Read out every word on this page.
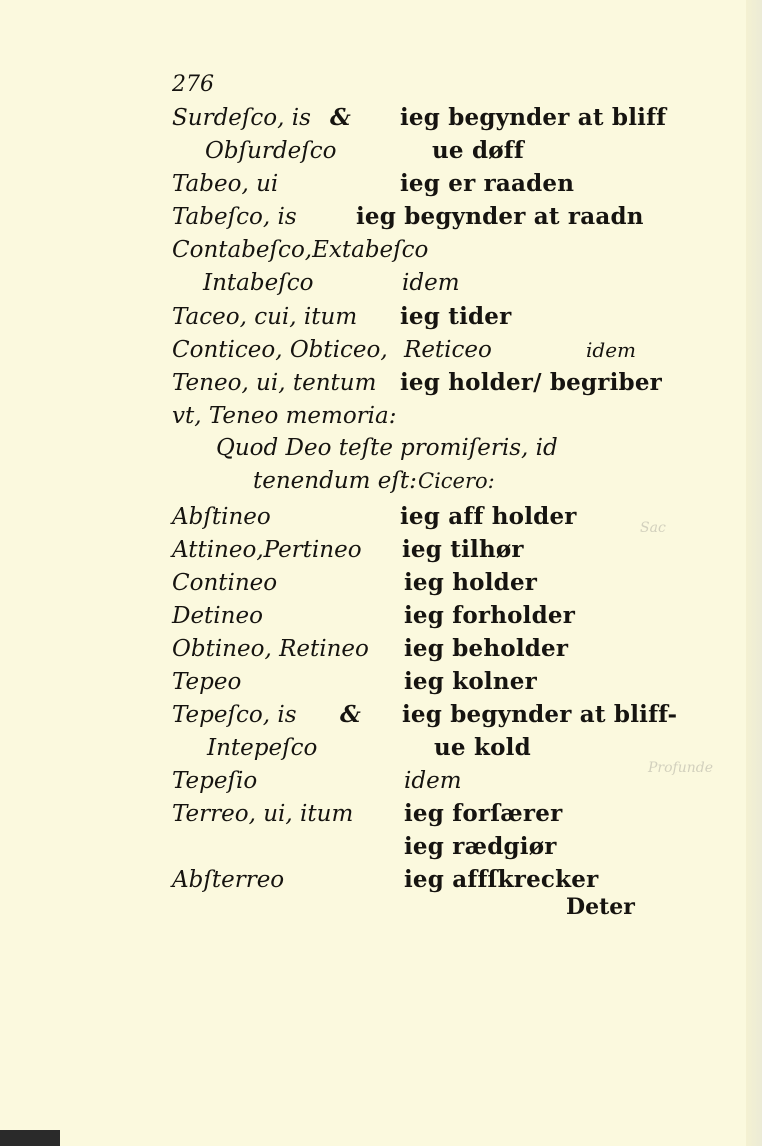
Sac
Profunde
276
Surdeſco, is &
Obſurdeſco
Tabeo, ui
Tabeſco, is
Contabeſco,Extabeſco
Intabeſco
Taceo, cui, itum
Conticeo, Obticeo,
Teneo, ui, tentum
vt, Teneo memoria:
Quod Deo teſte
tenendum eſt:
Abſtineo
Attineo,Pertineo
Contineo
Detineo
Obtineo, Retineo
Tepeo
Tepeſco, is &
Intepeſco
Tepeſio
Terreo, ui, itum
Abſterreo
ieg begynder at bliff
ue døff
ieg er raaden
ieg begynder at raadn
idem
ieg tider
Reticeo	idem
ieg holder/ begriber
promiſeris, id
Cicero:
ieg aff holder
ieg tilhør
ieg holder
ieg forholder
ieg beholder
ieg kolner
ieg begynder at bliff-
ue kold
idem
ieg forſærer
ieg rædgiør
ieg affſkrecker
Deter
